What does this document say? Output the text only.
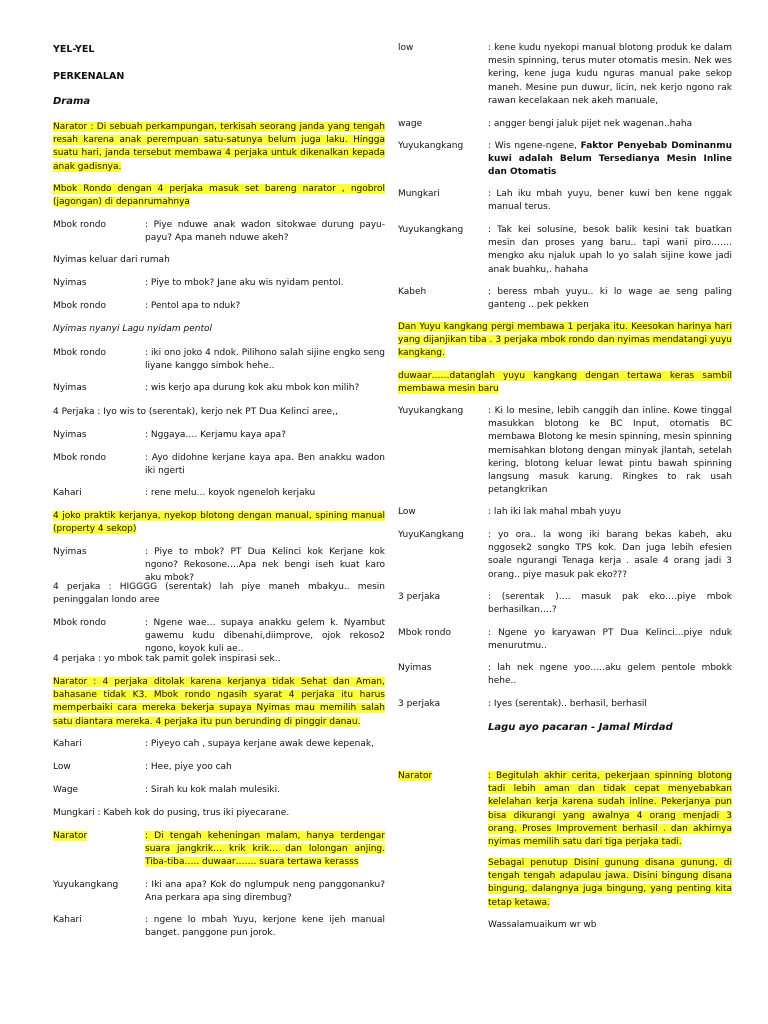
YEL-YEL
PERKENALAN
Drama
Narator : Di sebuah perkampungan, terkisah seorang janda yang tengah resah karena anak perempuan satu-satunya belum juga laku. Hingga suatu hari, janda tersebut membawa 4 perjaka untuk dikenalkan kepada anak gadisnya.
Mbok Rondo dengan 4 perjaka masuk set bareng narator , ngobrol (jagongan) di depanrumahnya
Mbok rondo	: Piye nduwe anak wadon sitokwae durung payu-payu? Apa maneh nduwe akeh?
Nyimas keluar dari rumah
Nyimas	: Piye to mbok? Jane aku wis nyidam pentol.
Mbok rondo	: Pentol apa to nduk?
Nyimas nyanyi Lagu nyidam pentol
Mbok rondo	: iki ono joko 4 ndok. Pilihono salah sijine engko seng liyane kanggo simbok hehe..
Nyimas	: wis kerjo apa durung kok aku mbok kon milih?
4 Perjaka : Iyo wis to (serentak), kerjo nek PT Dua Kelinci aree,,
Nyimas	: Nggaya…. Kerjamu kaya apa?
Mbok rondo	: Ayo didohne kerjane kaya apa. Ben anakku wadon iki ngerti
Kahari	: rene melu… koyok ngeneloh kerjaku
4 joko praktik kerjanya, nyekop blotong dengan manual, spining manual (property 4 sekop)
Nyimas	: Piye to mbok? PT Dua Kelinci kok Kerjane kok ngono? Rekosone….Apa nek bengi iseh kuat karo aku mbok?
4 perjaka : HIGGGG (serentak) lah piye maneh mbakyu.. mesin peninggalan londo aree
Mbok rondo	: Ngene wae… supaya anakku gelem k. Nyambut gawemu kudu dibenahi,diimprove, ojok rekoso2 ngono, koyok kuli ae..
4 perjaka : yo mbok tak pamit golek inspirasi sek..
Narator : 4 perjaka ditolak karena kerjanya tidak Sehat dan Aman, bahasane tidak K3. Mbok rondo ngasih syarat 4 perjaka itu harus memperbaiki cara mereka bekerja supaya Nyimas mau memilih salah satu diantara mereka. 4 perjaka itu pun berunding di pinggir danau.
Kahari	: Piyeyo cah , supaya kerjane awak dewe kepenak,
Low	: Hee, piye yoo cah
Wage	: Sirah ku kok malah mulesiki.
Mungkari : Kabeh kok do pusing, trus iki piyecarane.
Narator	: Di tengah keheningan malam, hanya terdengar suara jangkrik… krik krik… dan lolongan anjing. Tiba-tiba….. duwaar……. suara tertawa kerasss
Yuyukangkang	: Iki ana apa? Kok do nglumpuk neng panggonanku? Ana perkara apa sing dirembug?
Kahari	: ngene lo mbah Yuyu, kerjone kene ijeh manual banget. panggone pun jorok.
low	: kene kudu nyekopi manual blotong produk ke dalam mesin spinning, terus muter otomatis mesin. Nek wes kering, kene juga kudu nguras manual pake sekop maneh. Mesine pun duwur, licin, nek kerjo ngono rak rawan kecelakaan nek akeh manuale,
wage	: angger bengi jaluk pijet nek wagenan..haha
Yuyukangkang	: Wis ngene-ngene, Faktor Penyebab Dominanmu kuwi adalah Belum Tersedianya Mesin Inline dan Otomatis
Mungkari	: Lah iku mbah yuyu, bener kuwi ben kene nggak manual terus.
Yuyukangkang	: Tak kei solusine, besok balik kesini tak buatkan mesin dan proses yang baru.. tapi wani piro……. mengko aku njaluk upah lo yo salah sijine kowe jadi anak buahku,. hahaha
Kabeh	: beress mbah yuyu.. ki lo wage ae seng paling ganteng .. pek pekken
Dan Yuyu kangkang pergi membawa 1 perjaka itu. Keesokan harinya hari yang dijanjikan tiba . 3 perjaka mbok rondo dan nyimas mendatangi yuyu kangkang.
duwaar……datanglah yuyu kangkang dengan tertawa keras sambil membawa mesin baru
Yuyukangkang	: Ki lo mesine, lebih canggih dan inline. Kowe tinggal masukkan blotong ke BC Input, otomatis BC membawa Blotong ke mesin spinning, mesin spinning memisahkan blotong dengan minyak jlantah, setelah kering, blotong keluar lewat pintu bawah spinning langsung masuk karung. Ringkes to rak usah petangkrikan
Low	: lah iki lak mahal mbah yuyu
YuyuKangkang	: yo ora.. la wong iki barang bekas kabeh, aku nggosek2 songko TPS kok. Dan juga lebih efesien soale ngurangi Tenaga kerja . asale 4 orang jadi 3 orang.. piye masuk pak eko???
3 perjaka	: (serentak )…. masuk pak eko….piye mbok berhasilkan….?
Mbok rondo	: Ngene yo karyawan PT Dua Kelinci…piye nduk menurutmu..
Nyimas	: lah nek ngene yoo…..aku gelem pentole mbokk hehe..
3 perjaka	: Iyes (serentak).. berhasil, berhasil
Lagu ayo pacaran - Jamal Mirdad
Narator	: Begitulah akhir cerita, pekerjaan spinning blotong tadi lebih aman dan tidak cepat menyebabkan kelelahan kerja karena sudah inline. Pekerjanya pun bisa dikurangi yang awalnya 4 orang menjadi 3 orang. Proses Improvement berhasil . dan akhirnya nyimas memilih satu dari tiga perjaka tadi.
Sebagai penutup Disini gunung disana gunung, di tengah tengah adapulau jawa. Disini bingung disana bingung, dalangnya juga bingung, yang penting kita tetap ketawa.
Wassalamuaikum wr wb
